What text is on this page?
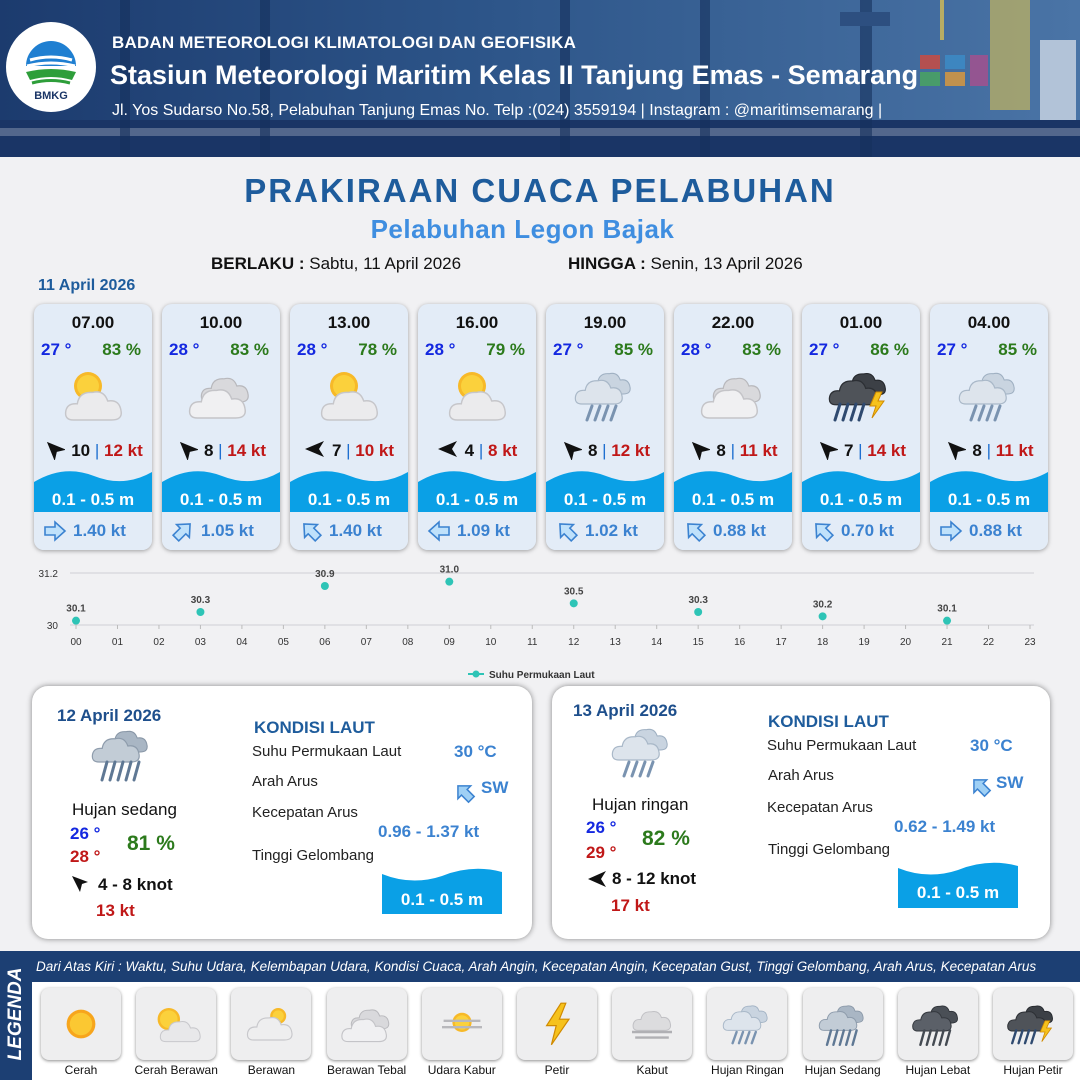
BMKG
BADAN METEOROLOGI KLIMATOLOGI DAN GEOFISIKA
Stasiun Meteorologi Maritim Kelas II Tanjung Emas - Semarang
Jl. Yos Sudarso No.58, Pelabuhan Tanjung Emas No. Telp :(024) 3559194 | Instagram : @maritimsemarang |
PRAKIRAAN CUACA PELABUHAN
Pelabuhan Legon Bajak
BERLAKU : Sabtu, 11 April 2026	HINGGA : Senin, 13 April 2026
11 April 2026
07.00
27 ° 83 %
10 | 12 kt
0.1 - 0.5 m
1.40 kt
10.00
28 ° 83 %
8 | 14 kt
0.1 - 0.5 m
1.05 kt
13.00
28 ° 78 %
7 | 10 kt
0.1 - 0.5 m
1.40 kt
16.00
28 ° 79 %
4 | 8 kt
0.1 - 0.5 m
1.09 kt
19.00
27 ° 85 %
8 | 12 kt
0.1 - 0.5 m
1.02 kt
22.00
28 ° 83 %
8 | 11 kt
0.1 - 0.5 m
0.88 kt
01.00
27 ° 86 %
7 | 14 kt
0.1 - 0.5 m
0.70 kt
04.00
27 ° 85 %
8 | 11 kt
0.1 - 0.5 m
0.88 kt
30
31.2
00	01	02	03	04	05	06	07	08	09	10	11	12	13	14	15	16	17	18	19	20	21	22	23
30.1
30.3
30.9	31.0
30.5
30.3	30.2	30.1
Suhu Permukaan Laut
12 April 2026
Hujan sedang
26 °
28 °
81 %
4 - 8 knot
13 kt
KONDISI LAUT
Suhu Permukaan Laut	30 °C
Arah Arus	SW
Kecepatan Arus
0.96 - 1.37 kt
Tinggi Gelombang
0.1 - 0.5 m
13 April 2026
Hujan ringan
26 °
29 °
82 %
8 - 12 knot
17 kt
KONDISI LAUT
Suhu Permukaan Laut	30 °C
Arah Arus	SW
Kecepatan Arus
0.62 - 1.49 kt
Tinggi Gelombang
0.1 - 0.5 m
LEGENDA
Dari Atas Kiri : Waktu, Suhu Udara, Kelembapan Udara, Kondisi Cuaca, Arah Angin, Kecepatan Angin, Kecepatan Gust, Tinggi Gelombang, Arah Arus, Kecepatan Arus
Cerah	Cerah Berawan	Berawan	Berawan Tebal	Udara Kabur	Petir	Kabut	Hujan Ringan	Hujan Sedang	Hujan Lebat	Hujan Petir
